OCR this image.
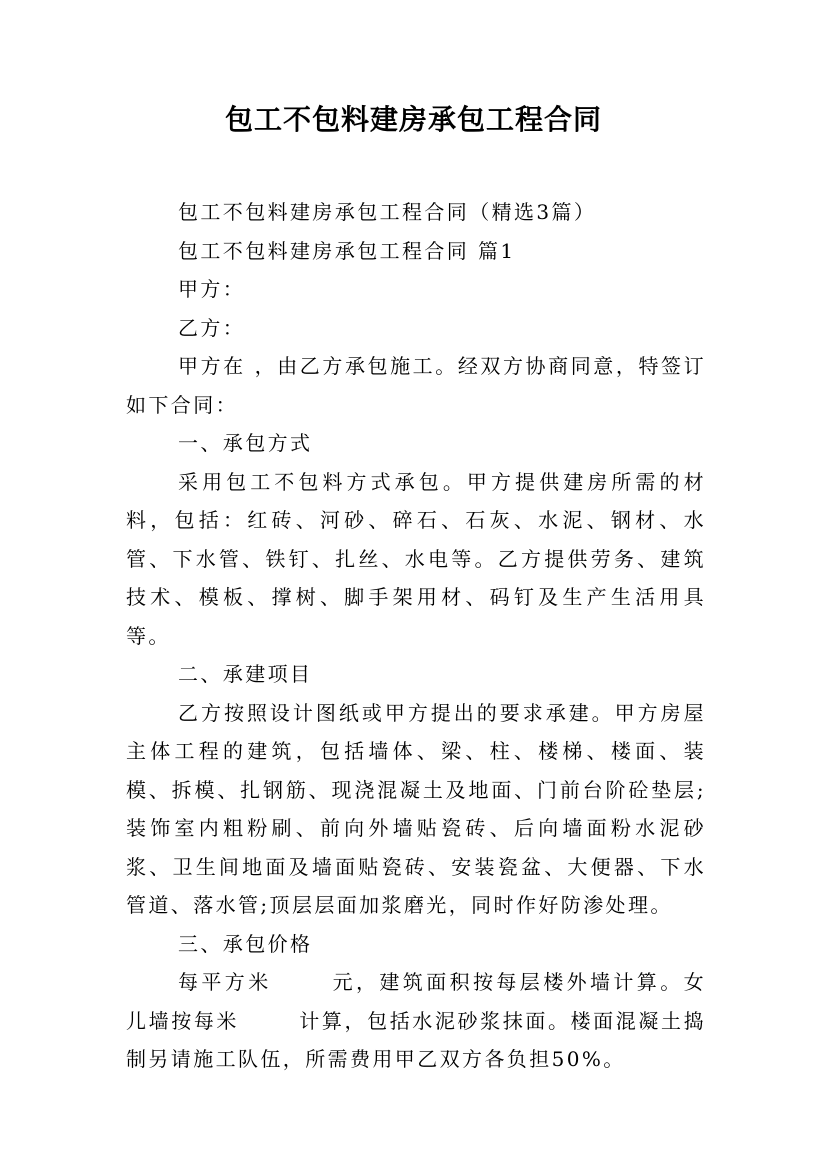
包工不包料建房承包工程合同

包工不包料建房承包工程合同（精选3篇）

包工不包料建房承包工程合同 篇1

甲方：

乙方：

甲方在 ，由乙方承包施工。经双方协商同意，特签订如下合同：

一、承包方式

采用包工不包料方式承包。甲方提供建房所需的材料，包括：红砖、河砂、碎石、石灰、水泥、钢材、水管、下水管、铁钉、扎丝、水电等。乙方提供劳务、建筑技术、模板、撑树、脚手架用材、码钉及生产生活用具等。

二、承建项目

乙方按照设计图纸或甲方提出的要求承建。甲方房屋主体工程的建筑，包括墙体、梁、柱、楼梯、楼面、装模、拆模、扎钢筋、现浇混凝土及地面、门前台阶砼垫层;装饰室内粗粉刷、前向外墙贴瓷砖、后向墙面粉水泥砂浆、卫生间地面及墙面贴瓷砖、安装瓷盆、大便器、下水管道、落水管;顶层层面加浆磨光，同时作好防渗处理。

三、承包价格

每平方米	元，建筑面积按每层楼外墙计算。女儿墙按每米	计算，包括水泥砂浆抹面。楼面混凝土捣制另请施工队伍，所需费用甲乙双方各负担50%。
